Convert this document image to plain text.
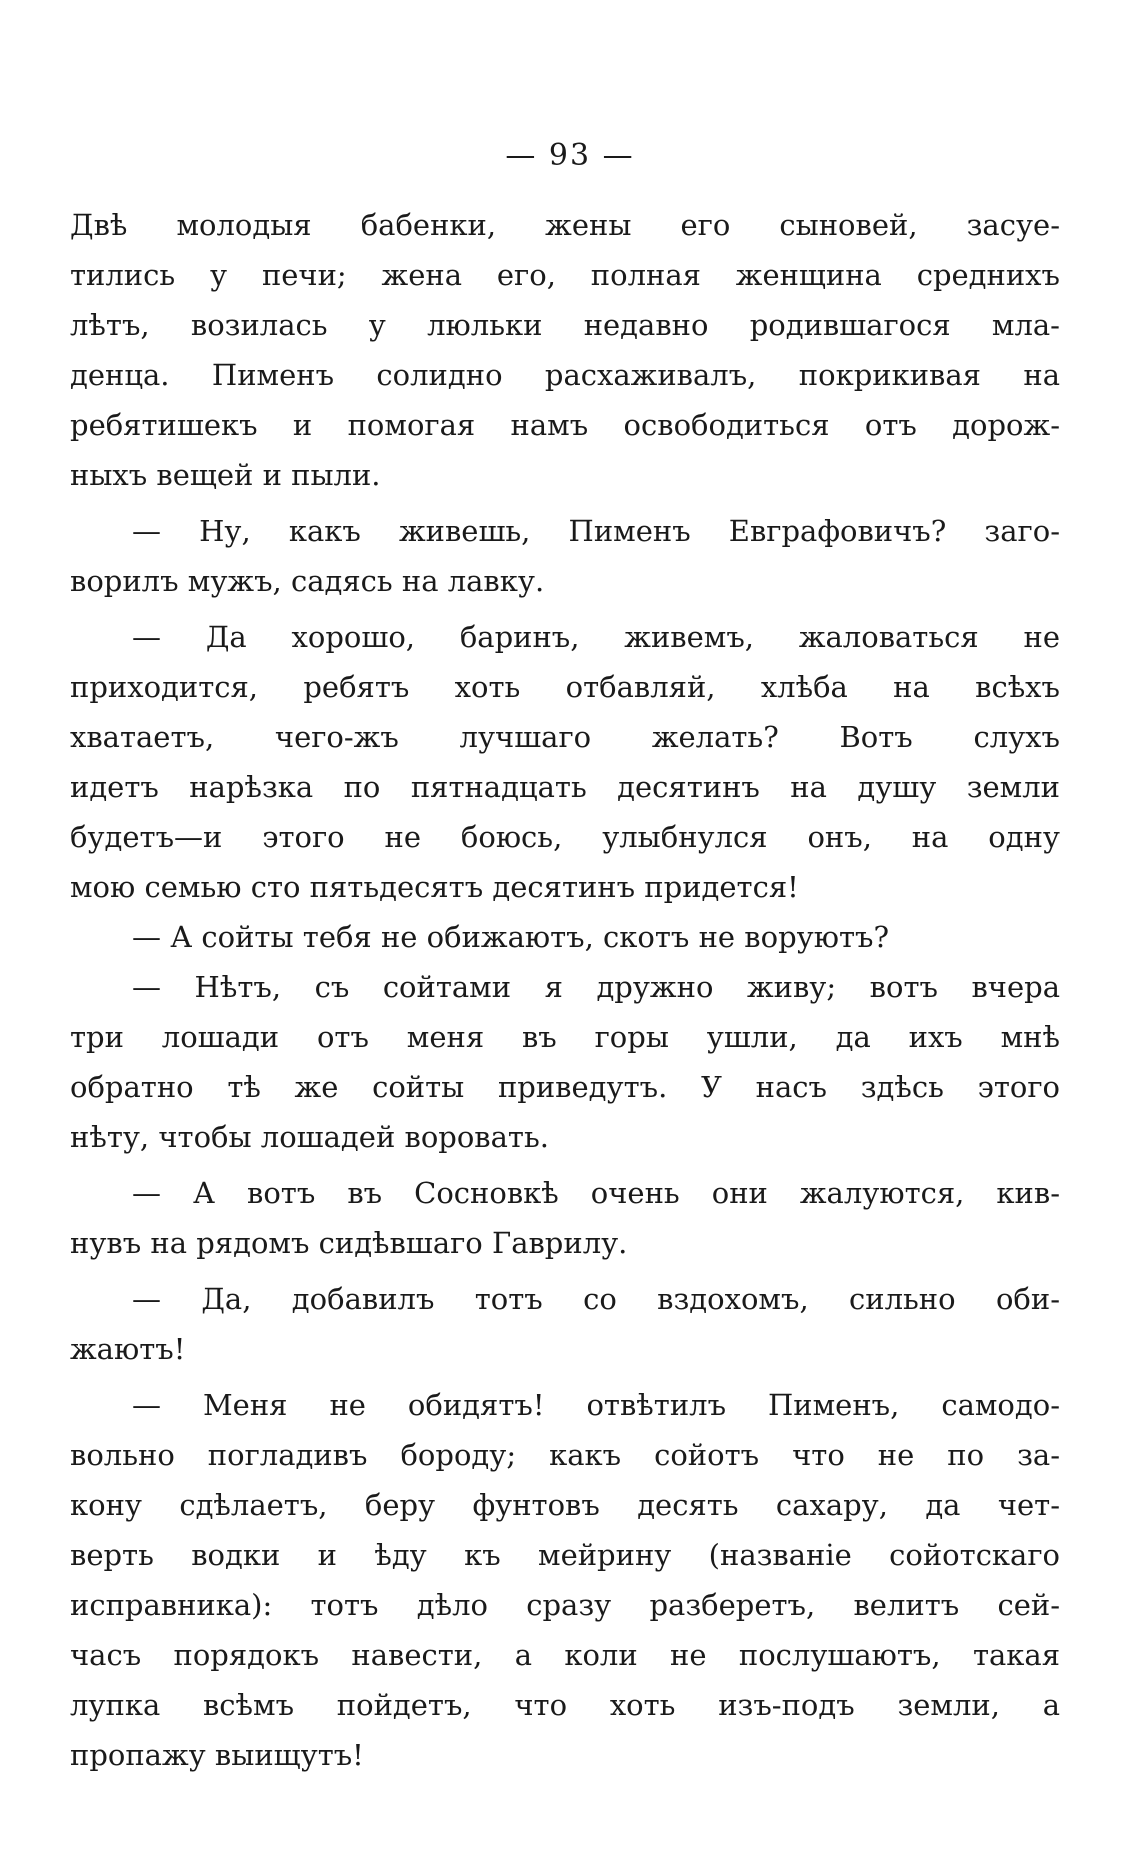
— 93 —
Двѣ молодыя бабенки, жены его сыновей, засуе-
тились у печи; жена его, полная женщина среднихъ
лѣтъ, возилась у люльки недавно родившагося мла-
денца. Пименъ солидно расхаживалъ, покрикивая на
ребятишекъ и помогая намъ освободиться отъ дорож-
ныхъ вещей и пыли.
— Ну, какъ живешь, Пименъ Евграфовичъ? заго-
ворилъ мужъ, садясь на лавку.
— Да хорошо, баринъ, живемъ, жаловаться не
приходится, ребятъ хоть отбавляй, хлѣба на всѣхъ
хватаетъ, чего-жъ лучшаго желать? Вотъ слухъ
идетъ нарѣзка по пятнадцать десятинъ на душу земли
будетъ—и этого не боюсь, улыбнулся онъ, на одну
мою семью сто пятьдесятъ десятинъ придется!
— А сойты тебя не обижаютъ, скотъ не воруютъ?
— Нѣтъ, съ сойтами я дружно живу; вотъ вчера
три лошади отъ меня въ горы ушли, да ихъ мнѣ
обратно тѣ же сойты приведутъ. У насъ здѣсь этого
нѣту, чтобы лошадей воровать.
— А вотъ въ Сосновкѣ очень они жалуются, кив-
нувъ на рядомъ сидѣвшаго Гаврилу.
— Да, добавилъ тотъ со вздохомъ, сильно оби-
жаютъ!
— Меня не обидятъ! отвѣтилъ Пименъ, самодо-
вольно погладивъ бороду; какъ сойотъ что не по за-
кону сдѣлаетъ, беру фунтовъ десять сахару, да чет-
верть водки и ѣду къ мейрину (названіе сойотскаго
исправника): тотъ дѣло сразу разберетъ, велитъ сей-
часъ порядокъ навести, а коли не послушаютъ, такая
лупка всѣмъ пойдетъ, что хоть изъ-подъ земли, а
пропажу выищутъ!
